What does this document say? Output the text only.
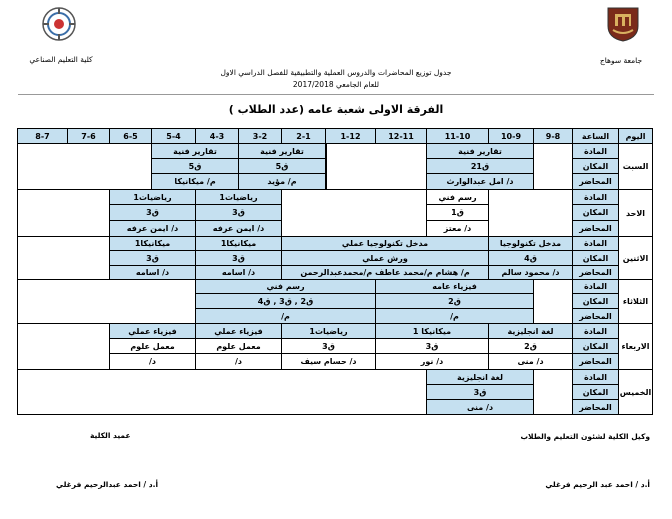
جامعة سوهاج
كلية التعليم الصناعي
جدول توزيع المحاضرات والدروس العملية والتطبيقية للفصل الدراسي الاول
للعام الجامعي 2017/2018
الفرقة الاولى شعبة عامه (عدد الطلاب )
اليوم
الساعة
9-8
10-9
11-10
12-11
1-12
2-1
3-2
4-3
5-4
6-5
7-6
8-7
السبت
الاحد
الاثنين
الثلاثاء
الاربعاء
الخميس
المادة
المكان
المحاضر
المادة
المكان
المحاضر
المادة
المكان
المحاضر
المادة
المكان
المحاضر
المادة
المكان
المحاضر
المادة
المكان
المحاضر
تقارير فنية
ق21
د/ امل عبدالوارث
تقارير فنية
ق5
م/ مؤيد
تقارير فنية
ق5
م/ ميكانيكا
رسم فني
ق1
د/ معتز
رياضيات1
ق3
د/ ايمن عرفه
رياضيات1
ق3
د/ ايمن عرفه
مدخل تكنولوجيا
ق4
د/ محمود سالم
مدخل تكنولوجيا عملي
ورش عملي
م/ هشام م/محمد عاطف م/محمدعبدالرحمن
ميكانيكا1
ق3
د/ اسامه
ميكانيكا1
ق3
د/ اسامه
فيزياء عامه
ق2
م/
رسم فني
ق2 , ق3 , ق4
م/
لغة انجليزية
ق2
د/ منى
ميكانيكا 1
ق3
د/ نور
رياضيات1
ق3
د/ حسام سيف
فيزياء عملي
معمل علوم
د/
فيزياء عملي
معمل علوم
د/
لغة انجليزية
ق3
د/ منى
عميد الكلية
أ.د / احمد عبدالرحيم فرغلي
وكيل الكلية لشئون التعليم والطلاب
أ.د / احمد عبد الرحيم فرغلي
